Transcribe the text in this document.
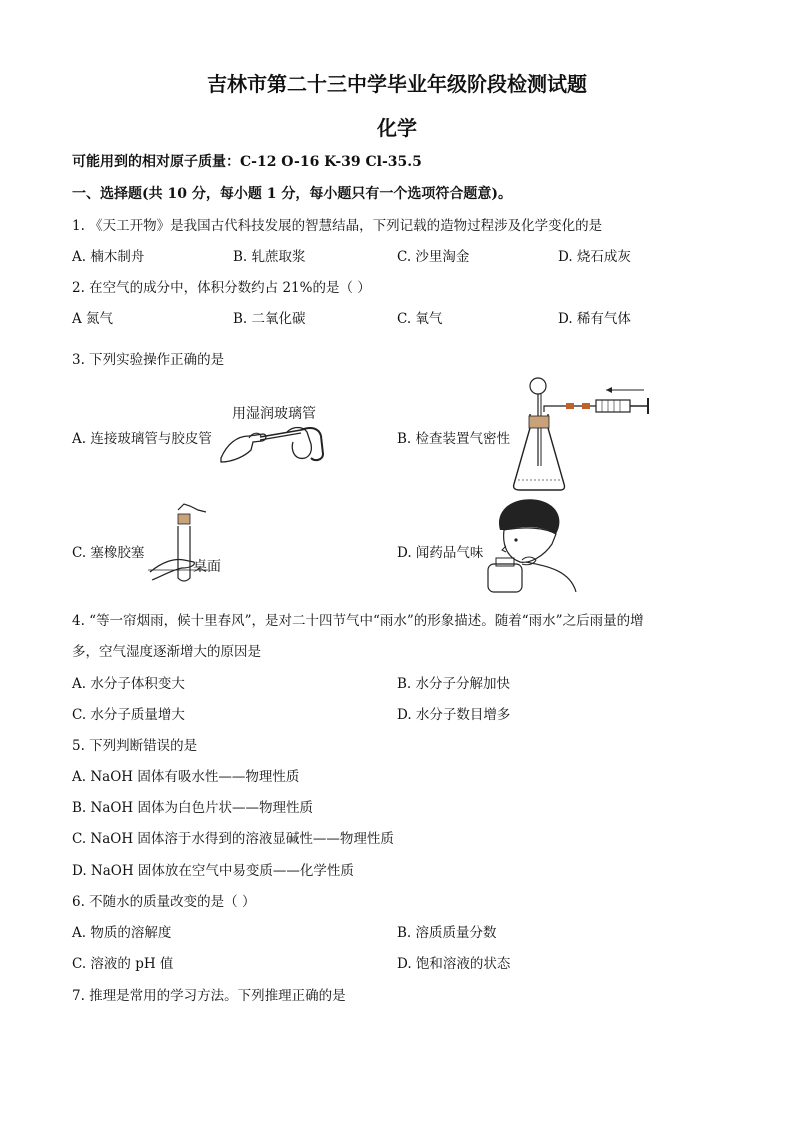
吉林市第二十三中学毕业年级阶段检测试题
化学
可能用到的相对原子质量：C-12 O-16 K-39 Cl-35.5
一、选择题(共 10 分，每小题 1 分，每小题只有一个选项符合题意)。
1. 《天工开物》是我国古代科技发展的智慧结晶，下列记载的造物过程涉及化学变化的是
A. 楠木制舟	B. 轧蔗取浆	C. 沙里淘金	D. 烧石成灰
2. 在空气的成分中，体积分数约占 21%的是（ ）
A 氮气	B. 二氧化碳	C. 氧气	D. 稀有气体
3. 下列实验操作正确的是
A. 连接玻璃管与胶皮管
用湿润玻璃管
B. 检查装置气密性
C. 塞橡胶塞
桌面
D. 闻药品气味
4. “等一帘烟雨，候十里春风”，是对二十四节气中“雨水”的形象描述。随着“雨水”之后雨量的增
多，空气湿度逐渐增大的原因是
A. 水分子体积变大	B. 水分子分解加快
C. 水分子质量增大	D. 水分子数目增多
5. 下列判断错误的是
A. NaOH 固体有吸水性——物理性质
B. NaOH 固体为白色片状——物理性质
C. NaOH 固体溶于水得到的溶液显碱性——物理性质
D. NaOH 固体放在空气中易变质——化学性质
6. 不随水的质量改变的是（ ）
A. 物质的溶解度	B. 溶质质量分数
C. 溶液的 pH 值	D. 饱和溶液的状态
7. 推理是常用的学习方法。下列推理正确的是
